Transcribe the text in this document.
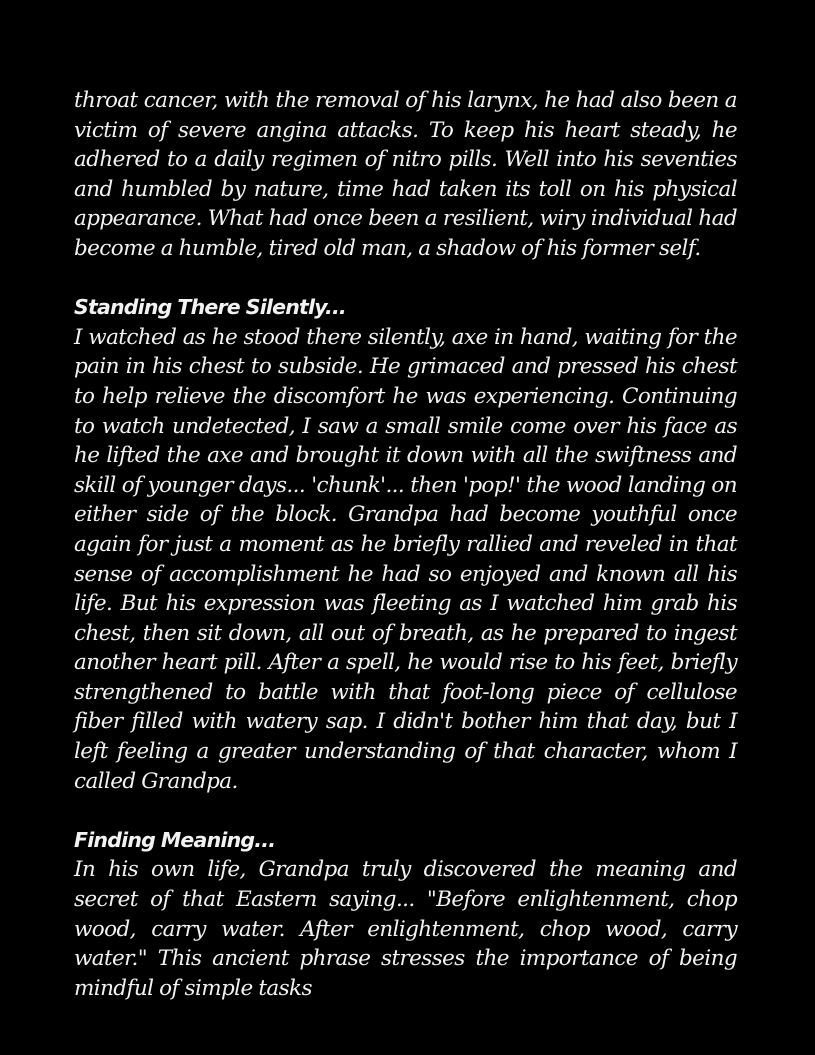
throat cancer, with the removal of his larynx, he had also been a victim of severe angina attacks. To keep his heart steady, he adhered to a daily regimen of nitro pills. Well into his seventies and humbled by nature, time had taken its toll on his physical appearance. What had once been a resilient, wiry individual had become a humble, tired old man, a shadow of his former self.

Standing There Silently...

I watched as he stood there silently, axe in hand, waiting for the pain in his chest to subside. He grimaced and pressed his chest to help relieve the discomfort he was experiencing. Continuing to watch undetected, I saw a small smile come over his face as he lifted the axe and brought it down with all the swiftness and skill of younger days... 'chunk'... then 'pop!' the wood landing on either side of the block. Grandpa had become youthful once again for just a moment as he briefly rallied and reveled in that sense of accomplishment he had so enjoyed and known all his life. But his expression was fleeting as I watched him grab his chest, then sit down, all out of breath, as he prepared to ingest another heart pill. After a spell, he would rise to his feet, briefly strengthened to battle with that foot-long piece of cellulose fiber filled with watery sap. I didn't bother him that day, but I left feeling a greater understanding of that character, whom I called Grandpa.

Finding Meaning...

In his own life, Grandpa truly discovered the meaning and secret of that Eastern saying... "Before enlightenment, chop wood, carry water. After enlightenment, chop wood, carry water." This ancient phrase stresses the importance of being mindful of simple tasks
